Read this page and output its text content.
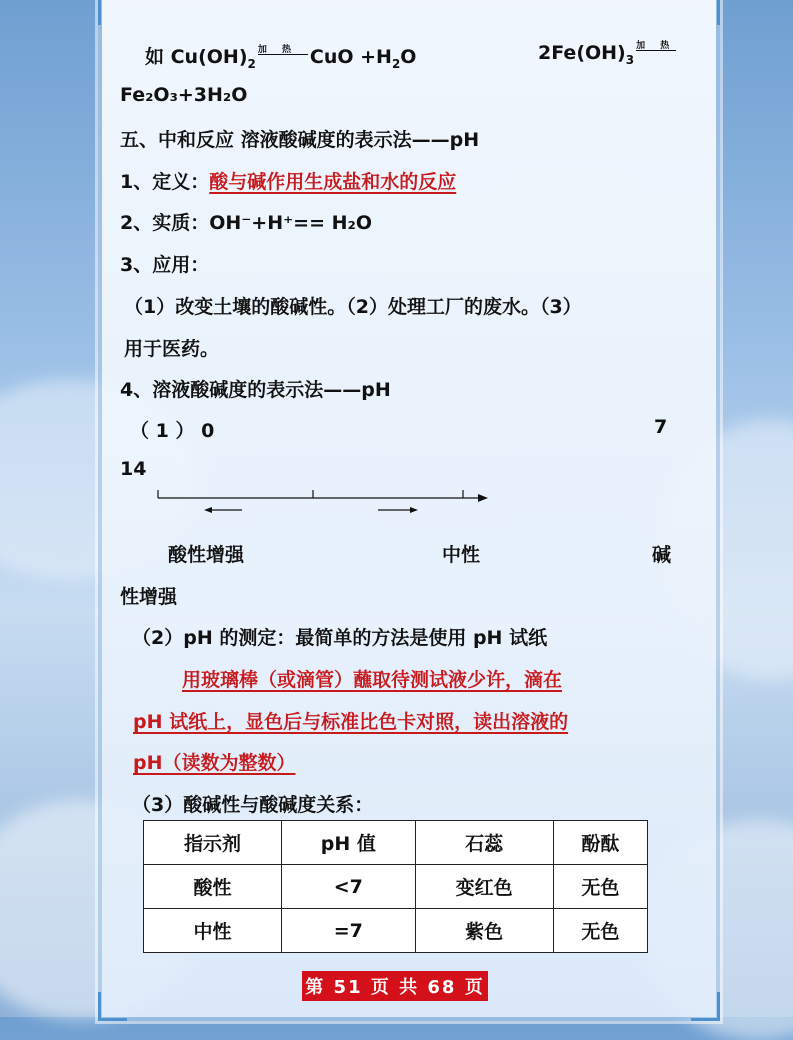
如 $Cu(OH)_2$
加 热 CuO $+H_2O$	$2Fe(OH)_3$
加 热
Fe₂O₃+3H₂O
五、中和反应 溶液酸碱度的表示法——pH
1、定义：酸与碱作用生成盐和水的反应
2、实质：OH⁻+H⁺== H₂O
3、应用：
（1）改变土壤的酸碱性。（2）处理工厂的废水。（3）
用于医药。
4、溶液酸碱度的表示法——pH
（ 1 ） 0	7
14
酸性增强	中性	碱
性增强
（2）pH 的测定：最简单的方法是使用 pH 试纸
用玻璃棒（或滴管）蘸取待测试液少许，滴在
pH 试纸上，显色后与标准比色卡对照，读出溶液的
pH（读数为整数）
（3）酸碱性与酸碱度关系：
指示剂	pH 值	石蕊	酚酞
酸性	<7	变红色	无色
中性	=7	紫色	无色
第 51 页 共 68 页
